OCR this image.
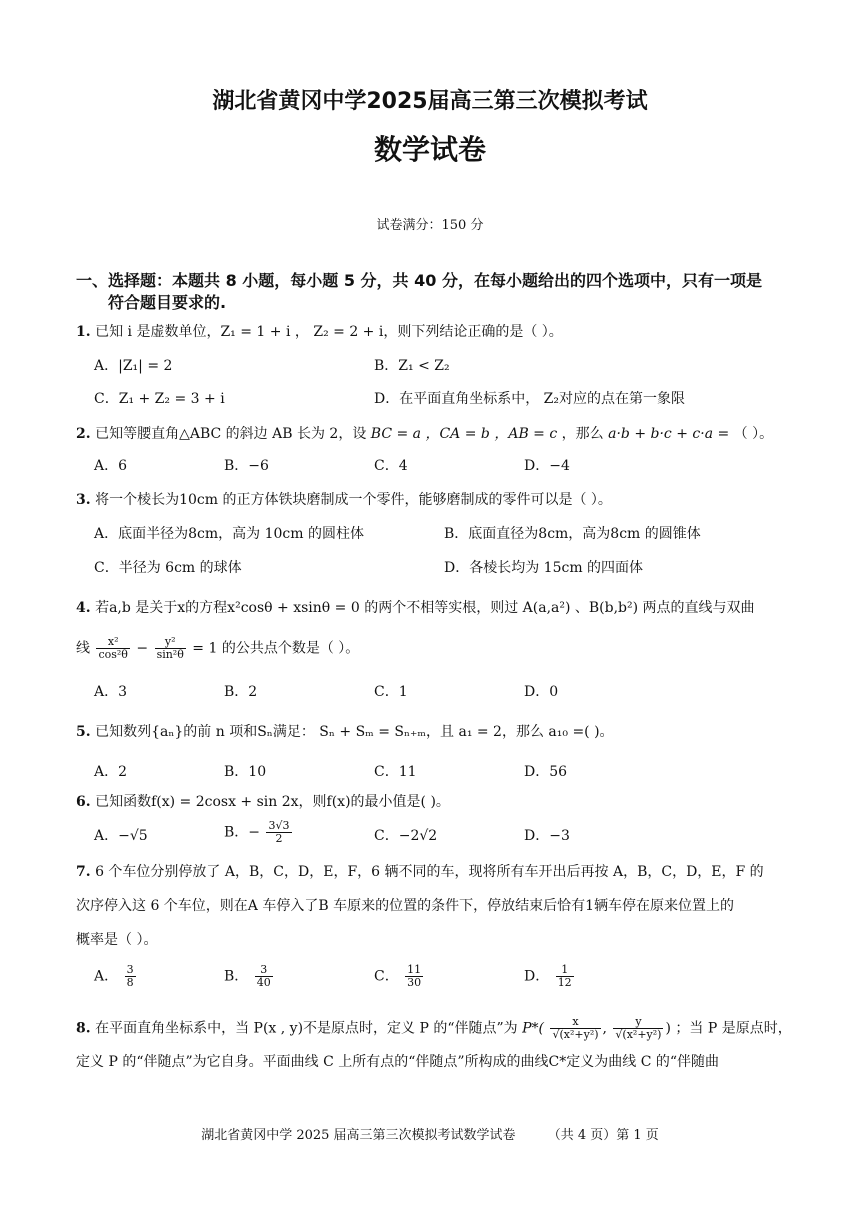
湖北省黄冈中学2025届高三第三次模拟考试
数学试卷
试卷满分：150 分
一、选择题：本题共 8 小题，每小题 5 分，共 40 分，在每小题给出的四个选项中，只有一项是
符合题目要求的.
1. 已知 i 是虚数单位，Z₁ = 1 + i ， Z₂ = 2 + i，则下列结论正确的是（ ）。
A．|Z₁| = 2	B．Z₁ < Z₂
C．Z₁ + Z₂ = 3 + i	D．在平面直角坐标系中， Z₂对应的点在第一象限
2. 已知等腰直角△ABC 的斜边 AB 长为 2，设 BC = a ，CA = b ，AB = c ，那么 a·b + b·c + c·a = （ ）。
A．6	B．−6	C．4	D．−4
3. 将一个棱长为10cm 的正方体铁块磨制成一个零件，能够磨制成的零件可以是（ ）。
A．底面半径为8cm，高为 10cm 的圆柱体	B．底面直径为8cm，高为8cm 的圆锥体
C．半径为 6cm 的球体	D．各棱长均为 15cm 的四面体
4. 若a,b 是关于x的方程x²cosθ + xsinθ = 0 的两个不相等实根，则过 A(a,a²) 、B(b,b²) 两点的直线与双曲
线 $\frac{\text{x²}}{\text{cos²θ}} - \frac{\text{y²}}{\text{sin²θ}} = 1$ 的公共点个数是（ ）。
A．3	B．2	C．1	D．0
5. 已知数列{aₙ}的前 n 项和Sₙ满足： Sₙ + Sₘ = Sₙ₊ₘ，且 a₁ = 2，那么 a₁₀ =( )。
A．2	B．10	C．11	D．56
6. 已知函数f(x) = 2cosx + sin 2x，则f(x)的最小值是( )。
A．−√5	B．− $\frac{3√3}{2}$	C．−2√2	D．−3
7. 6 个车位分别停放了 A，B，C，D，E，F，6 辆不同的车，现将所有车开出后再按 A，B，C，D，E，F 的
次序停入这 6 个车位，则在A 车停入了B 车原来的位置的条件下，停放结束后恰有1辆车停在原来位置上的
概率是（ ）。
A． $\frac{3}{8}$	B． $\frac{3}{40}$	C． $\frac{11}{30}$	D． $\frac{1}{12}$
8. 在平面直角坐标系中，当 P(x , y)不是原点时，定义 P 的“伴随点”为 $P*( \frac{x}{\text{√(x²+y²)}}$ , $\frac{y}{\text{√(x²+y²)}}$ ) ；当 P 是原点时，
定义 P 的“伴随点”为它自身。平面曲线 C 上所有点的“伴随点”所构成的曲线C*定义为曲线 C 的“伴随曲
湖北省黄冈中学 2025 届高三第三次模拟考试数学试卷 （共 4 页）第 1 页
